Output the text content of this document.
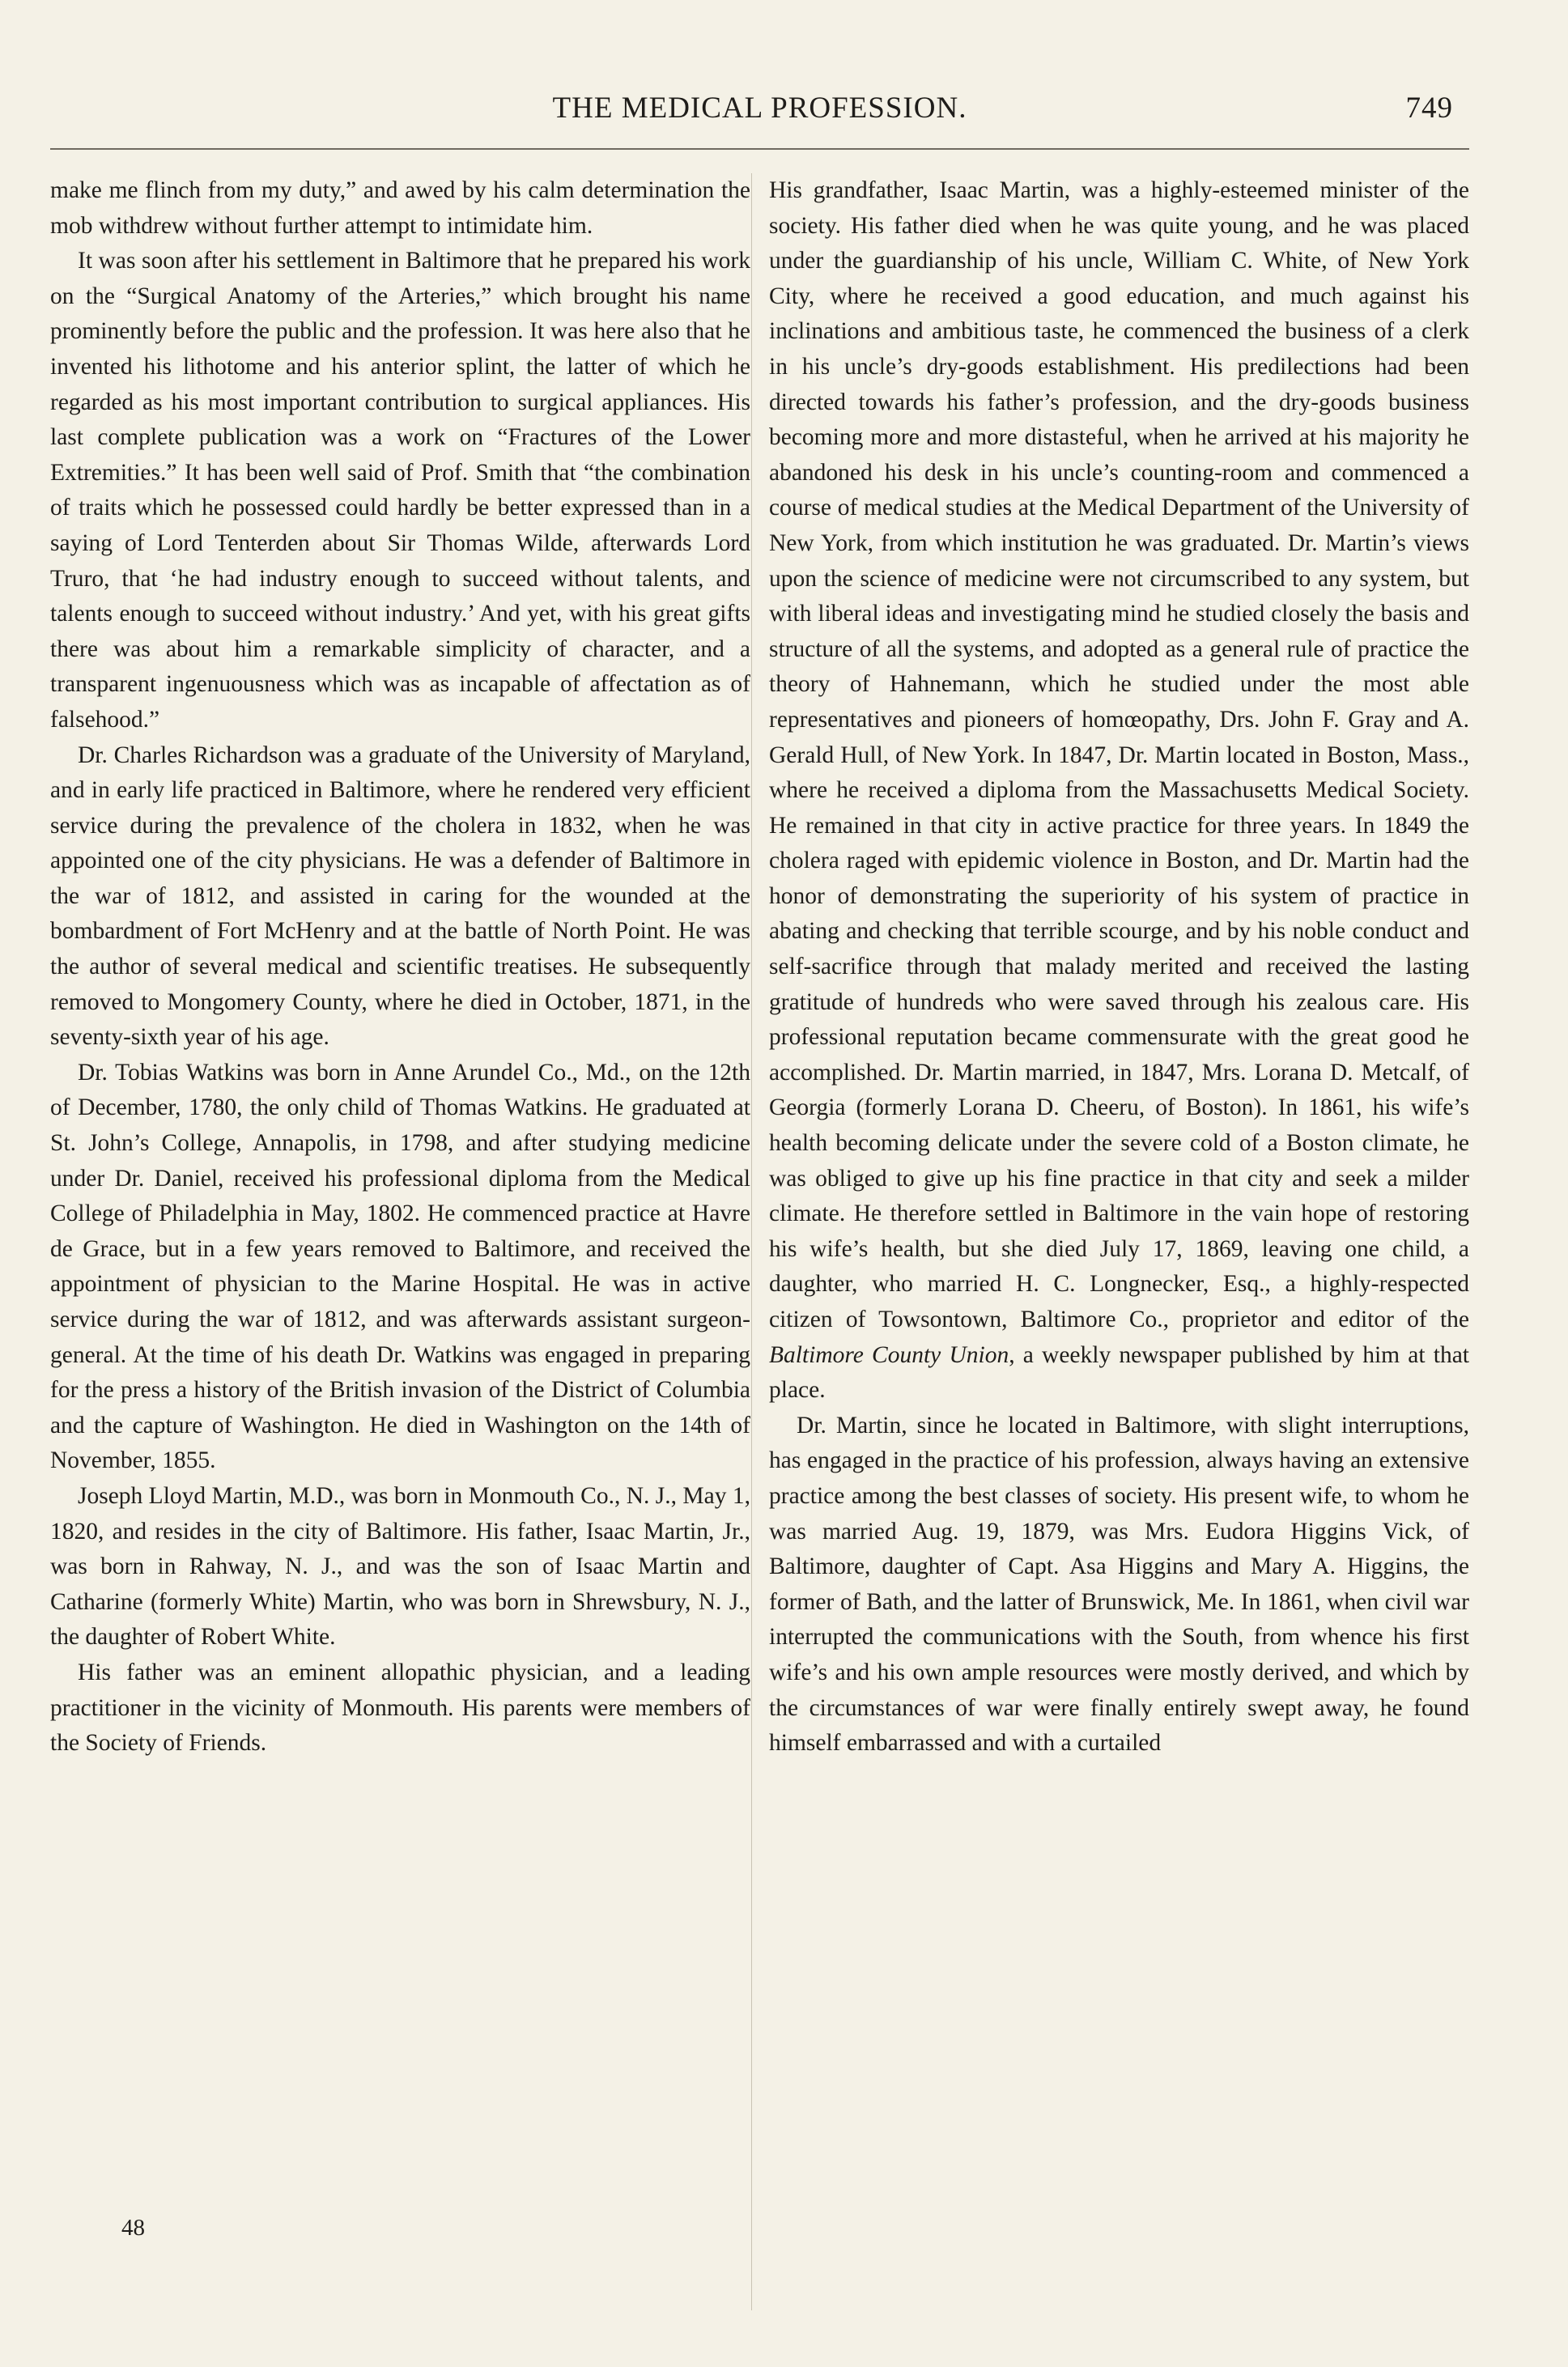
THE MEDICAL PROFESSION.	749

make me flinch from my duty,” and awed by his calm determination the mob withdrew without further attempt to intimidate him.

It was soon after his settlement in Baltimore that he prepared his work on the “Surgical Anatomy of the Arteries,” which brought his name prominently before the public and the profession. It was here also that he invented his lithotome and his anterior splint, the latter of which he regarded as his most important contribution to surgical appliances. His last complete publication was a work on “Fractures of the Lower Extremities.” It has been well said of Prof. Smith that “the combination of traits which he possessed could hardly be better expressed than in a saying of Lord Tenterden about Sir Thomas Wilde, afterwards Lord Truro, that ‘he had industry enough to succeed without talents, and talents enough to succeed without industry.’ And yet, with his great gifts there was about him a remarkable simplicity of character, and a transparent ingenuousness which was as incapable of affectation as of falsehood.”

Dr. Charles Richardson was a graduate of the University of Maryland, and in early life practiced in Baltimore, where he rendered very efficient service during the prevalence of the cholera in 1832, when he was appointed one of the city physicians. He was a defender of Baltimore in the war of 1812, and assisted in caring for the wounded at the bombardment of Fort McHenry and at the battle of North Point. He was the author of several medical and scientific treatises. He subsequently removed to Mongomery County, where he died in October, 1871, in the seventy-sixth year of his age.

Dr. Tobias Watkins was born in Anne Arundel Co., Md., on the 12th of December, 1780, the only child of Thomas Watkins. He graduated at St. John’s College, Annapolis, in 1798, and after studying medicine under Dr. Daniel, received his professional diploma from the Medical College of Philadelphia in May, 1802. He commenced practice at Havre de Grace, but in a few years removed to Baltimore, and received the appointment of physician to the Marine Hospital. He was in active service during the war of 1812, and was afterwards assistant surgeon-general. At the time of his death Dr. Watkins was engaged in preparing for the press a history of the British invasion of the District of Columbia and the capture of Washington. He died in Washington on the 14th of November, 1855.

Joseph Lloyd Martin, M.D., was born in Monmouth Co., N. J., May 1, 1820, and resides in the city of Baltimore. His father, Isaac Martin, Jr., was born in Rahway, N. J., and was the son of Isaac Martin and Catharine (formerly White) Martin, who was born in Shrewsbury, N. J., the daughter of Robert White.

His father was an eminent allopathic physician, and a leading practitioner in the vicinity of Monmouth. His parents were members of the Society of Friends.

His grandfather, Isaac Martin, was a highly-esteemed minister of the society. His father died when he was quite young, and he was placed under the guardianship of his uncle, William C. White, of New York City, where he received a good education, and much against his inclinations and ambitious taste, he commenced the business of a clerk in his uncle’s dry-goods establishment. His predilections had been directed towards his father’s profession, and the dry-goods business becoming more and more distasteful, when he arrived at his majority he abandoned his desk in his uncle’s counting-room and commenced a course of medical studies at the Medical Department of the University of New York, from which institution he was graduated. Dr. Martin’s views upon the science of medicine were not circumscribed to any system, but with liberal ideas and investigating mind he studied closely the basis and structure of all the systems, and adopted as a general rule of practice the theory of Hahnemann, which he studied under the most able representatives and pioneers of homœopathy, Drs. John F. Gray and A. Gerald Hull, of New York. In 1847, Dr. Martin located in Boston, Mass., where he received a diploma from the Massachusetts Medical Society. He remained in that city in active practice for three years. In 1849 the cholera raged with epidemic violence in Boston, and Dr. Martin had the honor of demonstrating the superiority of his system of practice in abating and checking that terrible scourge, and by his noble conduct and self-sacrifice through that malady merited and received the lasting gratitude of hundreds who were saved through his zealous care. His professional reputation became commensurate with the great good he accomplished. Dr. Martin married, in 1847, Mrs. Lorana D. Metcalf, of Georgia (formerly Lorana D. Cheeru, of Boston). In 1861, his wife’s health becoming delicate under the severe cold of a Boston climate, he was obliged to give up his fine practice in that city and seek a milder climate. He therefore settled in Baltimore in the vain hope of restoring his wife’s health, but she died July 17, 1869, leaving one child, a daughter, who married H. C. Longnecker, Esq., a highly-respected citizen of Towsontown, Baltimore Co., proprietor and editor of the Baltimore County Union, a weekly newspaper published by him at that place.

Dr. Martin, since he located in Baltimore, with slight interruptions, has engaged in the practice of his profession, always having an extensive practice among the best classes of society. His present wife, to whom he was married Aug. 19, 1879, was Mrs. Eudora Higgins Vick, of Baltimore, daughter of Capt. Asa Higgins and Mary A. Higgins, the former of Bath, and the latter of Brunswick, Me. In 1861, when civil war interrupted the communications with the South, from whence his first wife’s and his own ample resources were mostly derived, and which by the circumstances of war were finally entirely swept away, he found himself embarrassed and with a curtailed

48
